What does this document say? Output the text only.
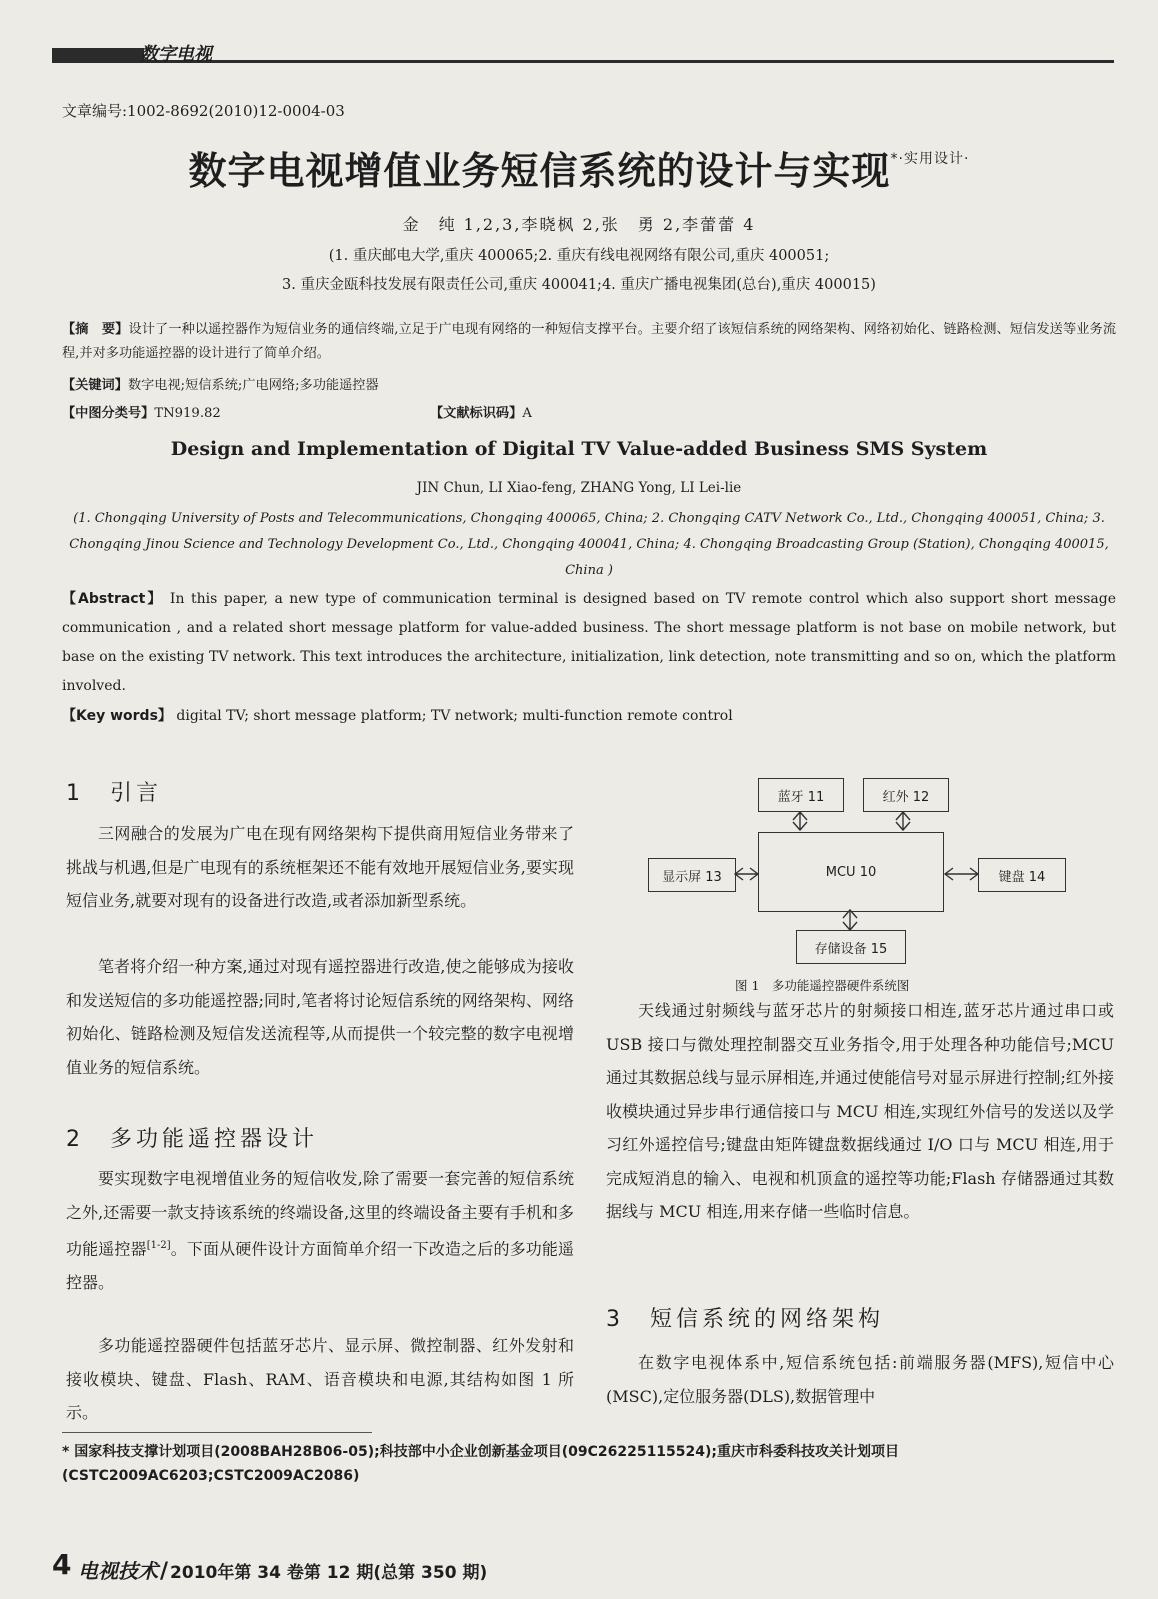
数字电视
文章编号:1002-8692(2010)12-0004-03
数字电视增值业务短信系统的设计与实现$^{*\cdot 实用设计\cdot}$
金　纯 1,2,3,李晓枫 2,张　勇 2,李蕾蕾 4
(1. 重庆邮电大学,重庆 400065;2. 重庆有线电视网络有限公司,重庆 400051;
3. 重庆金瓯科技发展有限责任公司,重庆 400041;4. 重庆广播电视集团(总台),重庆 400015)
【摘　要】设计了一种以遥控器作为短信业务的通信终端,立足于广电现有网络的一种短信支撑平台。主要介绍了该短信系统的网络架构、网络初始化、链路检测、短信发送等业务流程,并对多功能遥控器的设计进行了简单介绍。
【关键词】数字电视;短信系统;广电网络;多功能遥控器
【中图分类号】TN919.82	【文献标识码】A
Design and Implementation of Digital TV Value-added Business SMS System
JIN Chun, LI Xiao-feng, ZHANG Yong, LI Lei-lie
(1. Chongqing University of Posts and Telecommunications, Chongqing 400065, China; 2. Chongqing CATV Network Co., Ltd., Chongqing 400051, China; 3. Chongqing Jinou Science and Technology Development Co., Ltd., Chongqing 400041, China; 4. Chongqing Broadcasting Group (Station), Chongqing 400015, China )
【Abstract】 In this paper, a new type of communication terminal is designed based on TV remote control which also support short message communication , and a related short message platform for value-added business. The short message platform is not base on mobile network, but base on the existing TV network. This text introduces the architecture, initialization, link detection, note transmitting and so on, which the platform involved.
【Key words】 digital TV; short message platform; TV network; multi-function remote control
1　 引言
三网融合的发展为广电在现有网络架构下提供商用短信业务带来了挑战与机遇,但是广电现有的系统框架还不能有效地开展短信业务,要实现短信业务,就要对现有的设备进行改造,或者添加新型系统。
笔者将介绍一种方案,通过对现有遥控器进行改造,使之能够成为接收和发送短信的多功能遥控器;同时,笔者将讨论短信系统的网络架构、网络初始化、链路检测及短信发送流程等,从而提供一个较完整的数字电视增值业务的短信系统。
2　 多功能遥控器设计
要实现数字电视增值业务的短信收发,除了需要一套完善的短信系统之外,还需要一款支持该系统的终端设备,这里的终端设备主要有手机和多功能遥控器[1-2]。下面从硬件设计方面简单介绍一下改造之后的多功能遥控器。
多功能遥控器硬件包括蓝牙芯片、显示屏、微控制器、红外发射和接收模块、键盘、Flash、RAM、语音模块和电源,其结构如图 1 所示。
蓝牙 11	红外 12
显示屏 13	MCU 10	键盘 14
存储设备 15
图 1　多功能遥控器硬件系统图
天线通过射频线与蓝牙芯片的射频接口相连,蓝牙芯片通过串口或 USB 接口与微处理控制器交互业务指令,用于处理各种功能信号;MCU 通过其数据总线与显示屏相连,并通过使能信号对显示屏进行控制;红外接收模块通过异步串行通信接口与 MCU 相连,实现红外信号的发送以及学习红外遥控信号;键盘由矩阵键盘数据线通过 I/O 口与 MCU 相连,用于完成短消息的输入、电视和机顶盒的遥控等功能;Flash 存储器通过其数据线与 MCU 相连,用来存储一些临时信息。
3　 短信系统的网络架构
在数字电视体系中,短信系统包括:前端服务器(MFS),短信中心(MSC),定位服务器(DLS),数据管理中
* 国家科技支撑计划项目(2008BAH28B06-05);科技部中小企业创新基金项目(09C26225115524);重庆市科委科技攻关计划项目(CSTC2009AC6203;CSTC2009AC2086)
4 电视技术/ 2010年第 34 卷第 12 期(总第 350 期)
